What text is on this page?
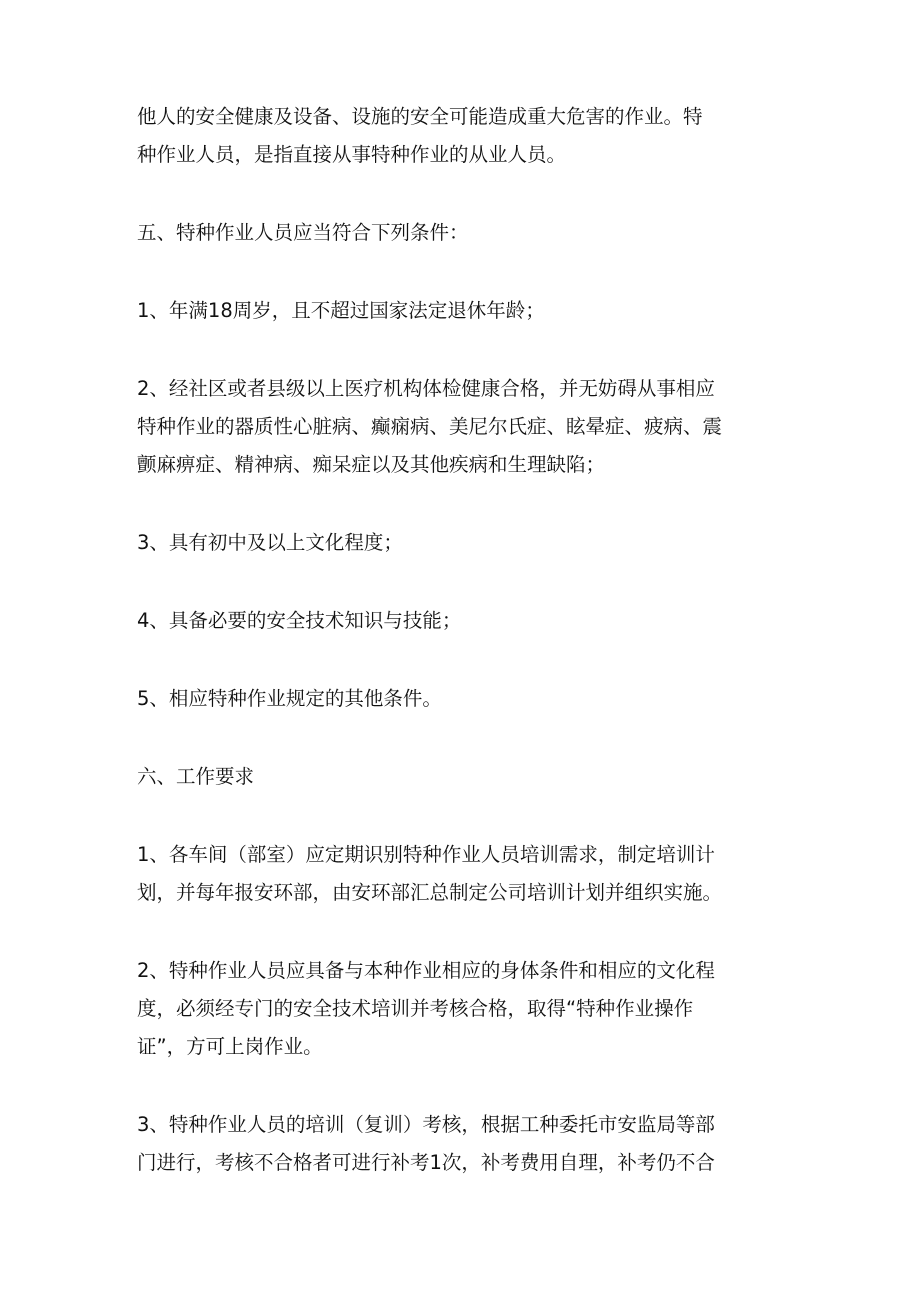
他人的安全健康及设备、设施的安全可能造成重大危害的作业。特
种作业人员，是指直接从事特种作业的从业人员。

五、特种作业人员应当符合下列条件：

1、年满18周岁，且不超过国家法定退休年龄；

2、经社区或者县级以上医疗机构体检健康合格，并无妨碍从事相应
特种作业的器质性心脏病、癫痫病、美尼尔氏症、眩晕症、疲病、震
颤麻痹症、精神病、痴呆症以及其他疾病和生理缺陷；

3、具有初中及以上文化程度；

4、具备必要的安全技术知识与技能；

5、相应特种作业规定的其他条件。

六、工作要求

1、各车间（部室）应定期识别特种作业人员培训需求，制定培训计
划，并每年报安环部，由安环部汇总制定公司培训计划并组织实施。

2、特种作业人员应具备与本种作业相应的身体条件和相应的文化程
度，必须经专门的安全技术培训并考核合格，取得“特种作业操作
证”，方可上岗作业。

3、特种作业人员的培训（复训）考核，根据工种委托市安监局等部
门进行，考核不合格者可进行补考1次，补考费用自理，补考仍不合
